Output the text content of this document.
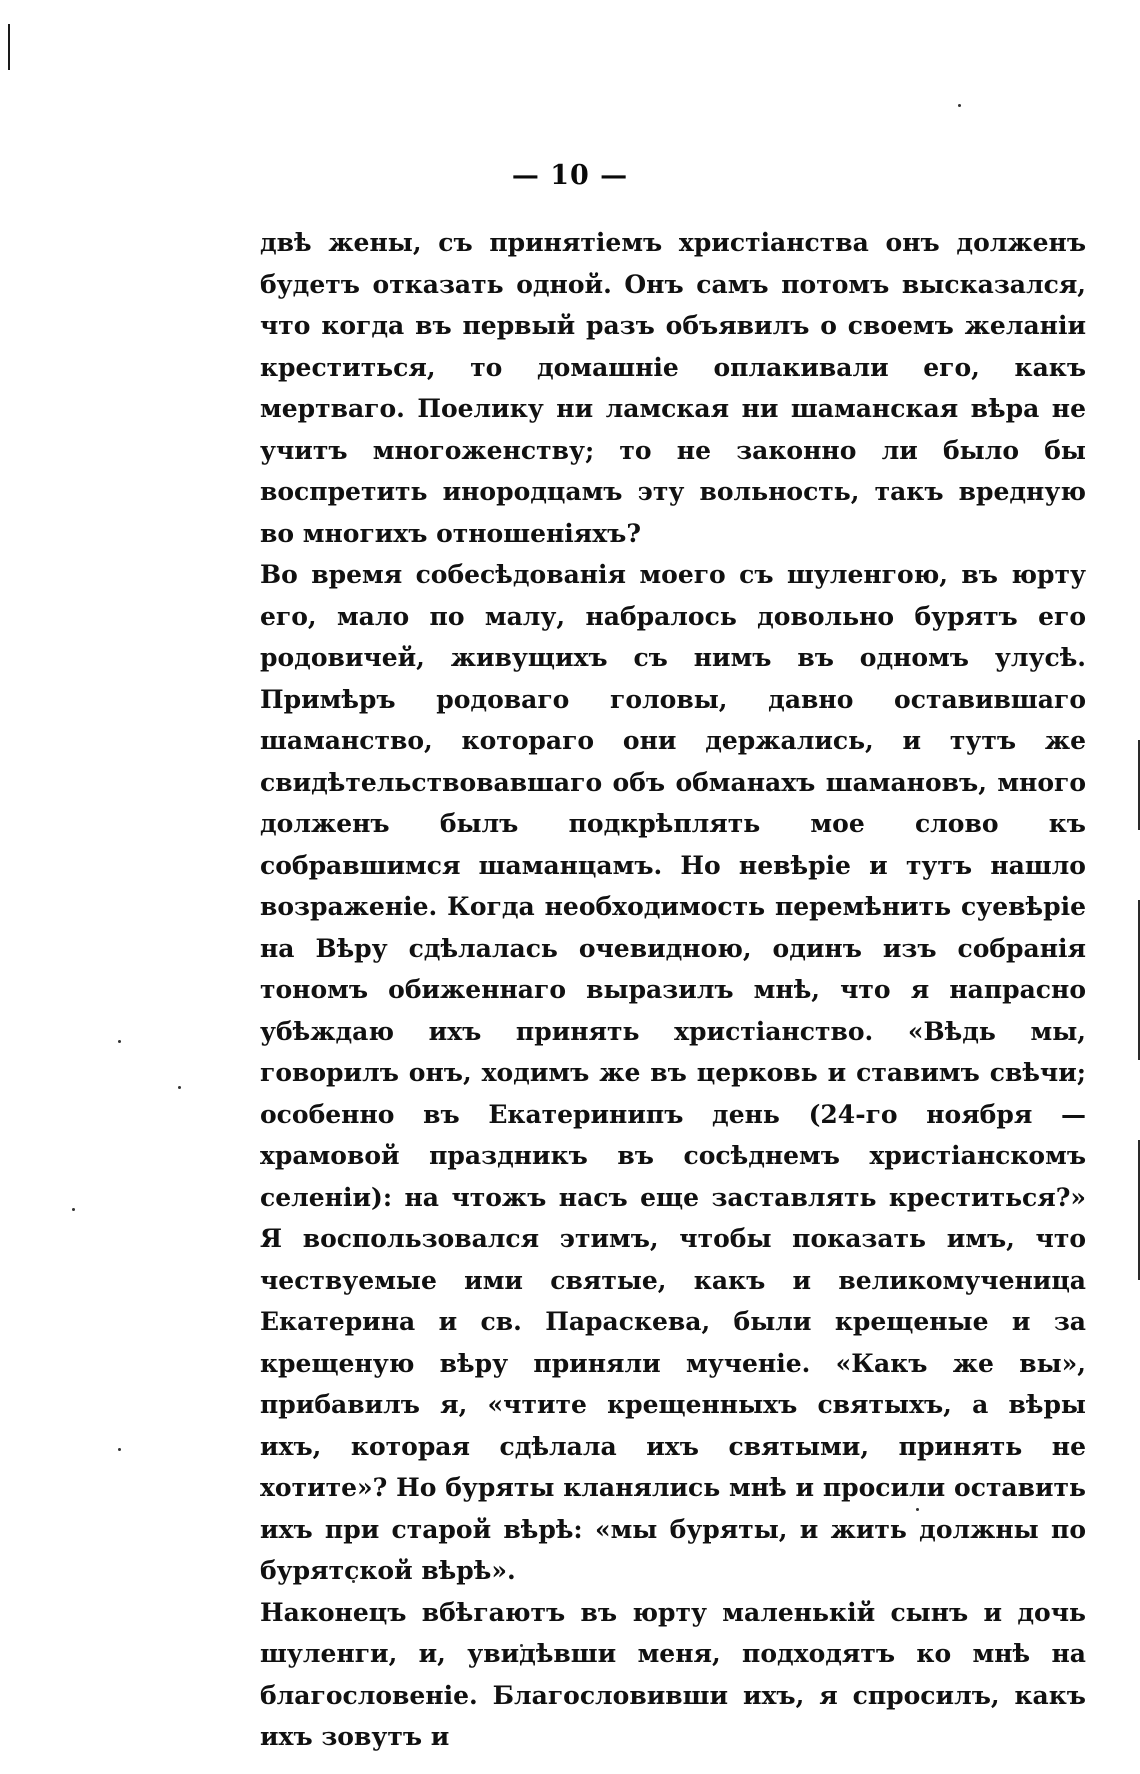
— 10 —

двѣ жены, съ принятіемъ христіанства онъ долженъ будетъ отказать одной. Онъ самъ потомъ высказался, что когда въ первый разъ объявилъ о своемъ желаніи креститься, то домашніе оплакивали его, какъ мертваго. Поелику ни ламская ни шаманская вѣра не учитъ многоженству; то не законно ли было бы воспретить инородцамъ эту вольность, такъ вредную во многихъ отношеніяхъ?

Во время собесѣдованія моего съ шуленгою, въ юрту его, мало по малу, набралось довольно бурятъ его родовичей, живущихъ съ нимъ въ одномъ улусѣ. Примѣръ родоваго головы, давно оставившаго шаманство, котораго они держались, и тутъ же свидѣтельствовавшаго объ обманахъ шамановъ, много долженъ былъ подкрѣплять мое слово къ собравшимся шаманцамъ. Но невѣріе и тутъ нашло возраженіе. Когда необходимость перемѣнить суевѣріе на Вѣру сдѣлалась очевидною, одинъ изъ собранія тономъ обиженнаго выразилъ мнѣ, что я напрасно убѣждаю ихъ принять христіанство. «Вѣдь мы, говорилъ онъ, ходимъ же въ церковь и ставимъ свѣчи; особенно въ Екатеринипъ день (24-го ноября — храмовой праздникъ въ сосѣднемъ христіанскомъ селеніи): на чтожъ насъ еще заставлять креститься?» Я воспользовался этимъ, чтобы показать имъ, что чествуемые ими святые, какъ и великомученица Екатерина и св. Параскева, были крещеные и за крещеную вѣру приняли мученіе. «Какъ же вы», прибавилъ я, «чтите крещенныхъ святыхъ, а вѣры ихъ, которая сдѣлала ихъ святыми, принять не хотите»? Но буряты кланялись мнѣ и просили оставить ихъ при старой вѣрѣ: «мы буряты, и жить должны по бурятской вѣрѣ».

Наконецъ вбѣгаютъ въ юрту маленькій сынъ и дочь шуленги, и, увидѣвши меня, подходятъ ко мнѣ на благословеніе. Благословивши ихъ, я спросилъ, какъ ихъ зовутъ и
